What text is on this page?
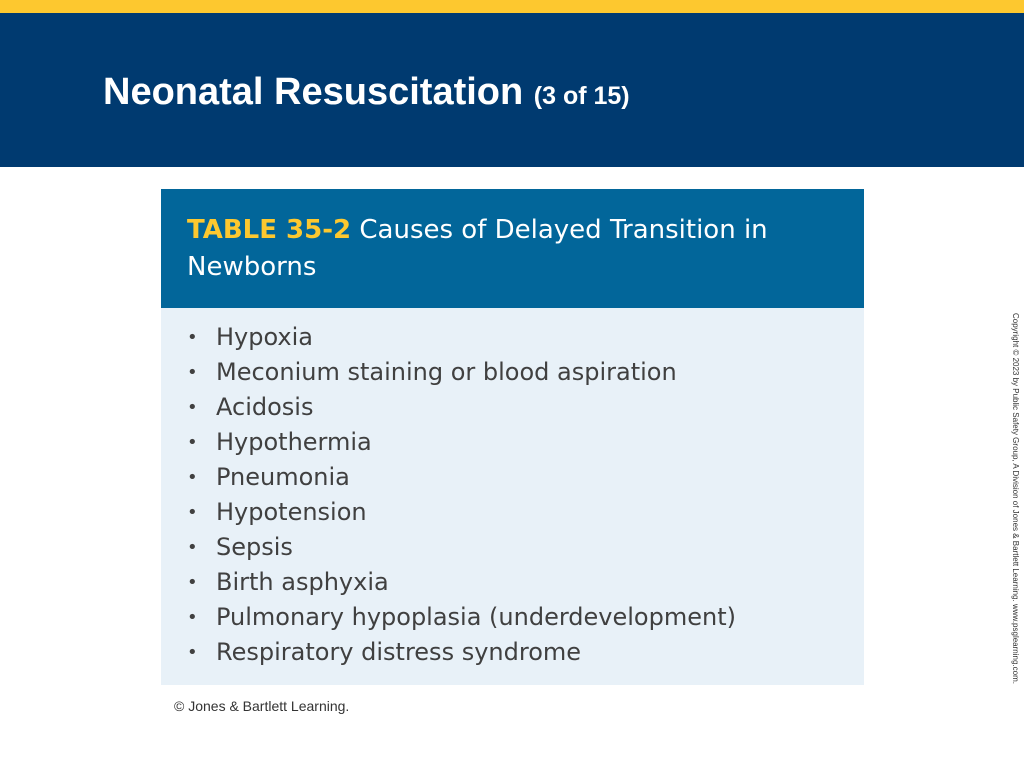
Neonatal Resuscitation (3 of 15)
TABLE 35-2 Causes of Delayed Transition in Newborns
• Hypoxia
• Meconium staining or blood aspiration
• Acidosis
• Hypothermia
• Pneumonia
• Hypotension
• Sepsis
• Birth asphyxia
• Pulmonary hypoplasia (underdevelopment)
• Respiratory distress syndrome
© Jones & Bartlett Learning.
Copyright © 2023 by Public Safety Group, A Division of Jones & Bartlett Learning. www.psglearning.com.
